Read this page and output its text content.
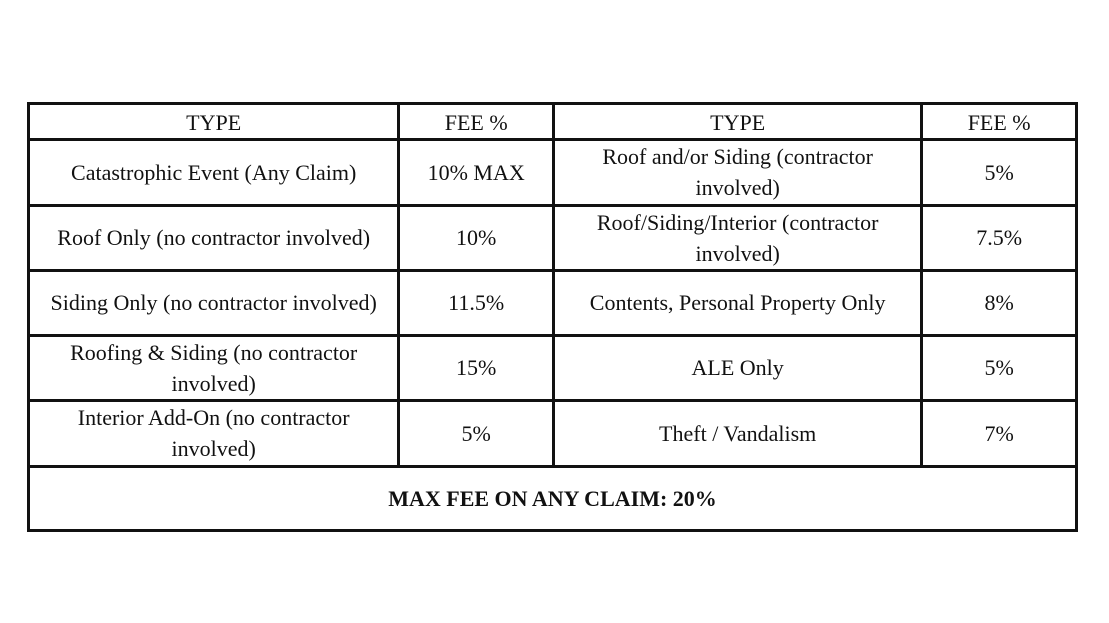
TYPE	FEE %	TYPE	FEE %
Catastrophic Event (Any Claim)	10% MAX	Roof and/or Siding (contractor involved)	5%
Roof Only (no contractor involved)	10%	Roof/Siding/Interior (contractor involved)	7.5%
Siding Only (no contractor involved)	11.5%	Contents, Personal Property Only	8%
Roofing & Siding (no contractor involved)	15%	ALE Only	5%
Interior Add-On (no contractor involved)	5%	Theft / Vandalism	7%
MAX FEE ON ANY CLAIM: 20%			
